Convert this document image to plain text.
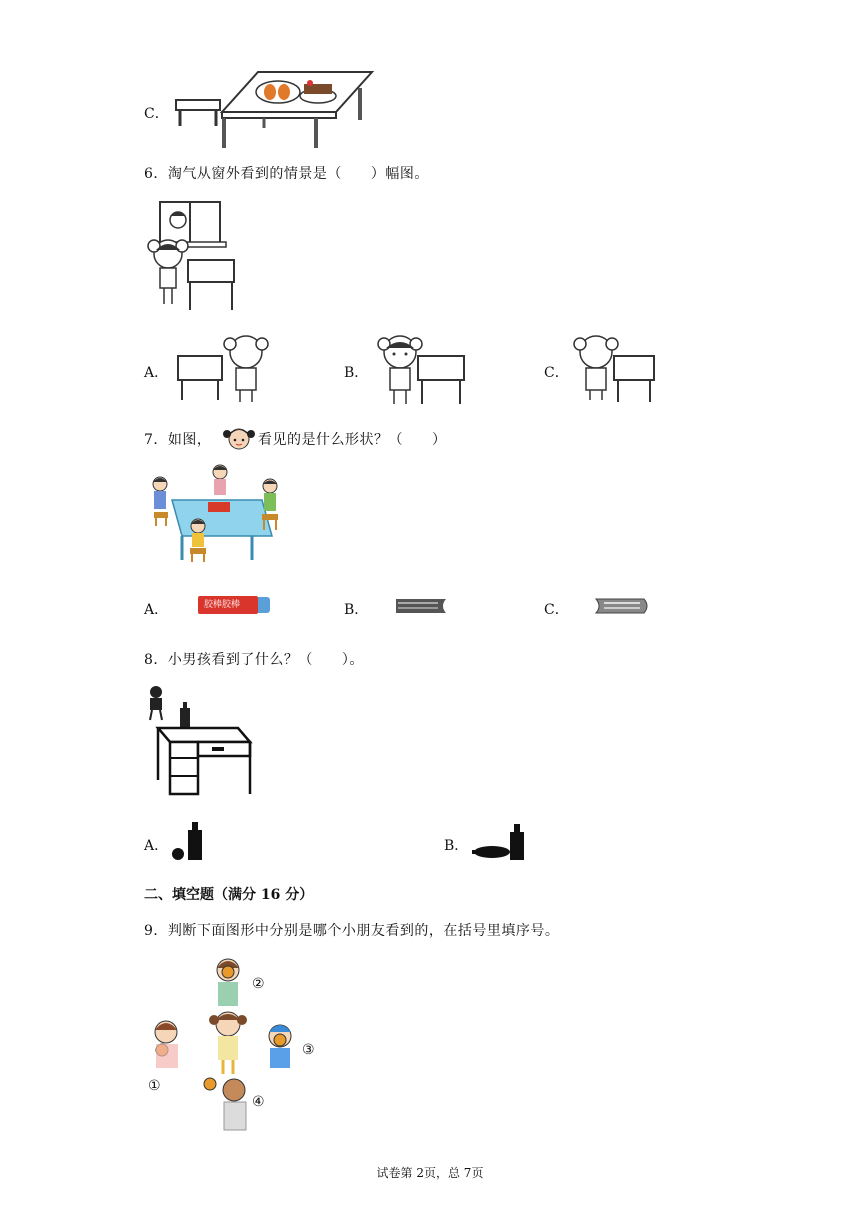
C．
6．淘气从窗外看到的情景是（　　）幅图。
A．	B．	C．
7．如图，	看见的是什么形状？（　　）
A．	胶棒胶棒	B．	C．
8．小男孩看到了什么？（　　）。
A．	B．
二、填空题（满分 16 分）
9．判断下面图形中分别是哪个小朋友看到的，在括号里填序号。
①
②
③
④
试卷第 2页，总 7页
